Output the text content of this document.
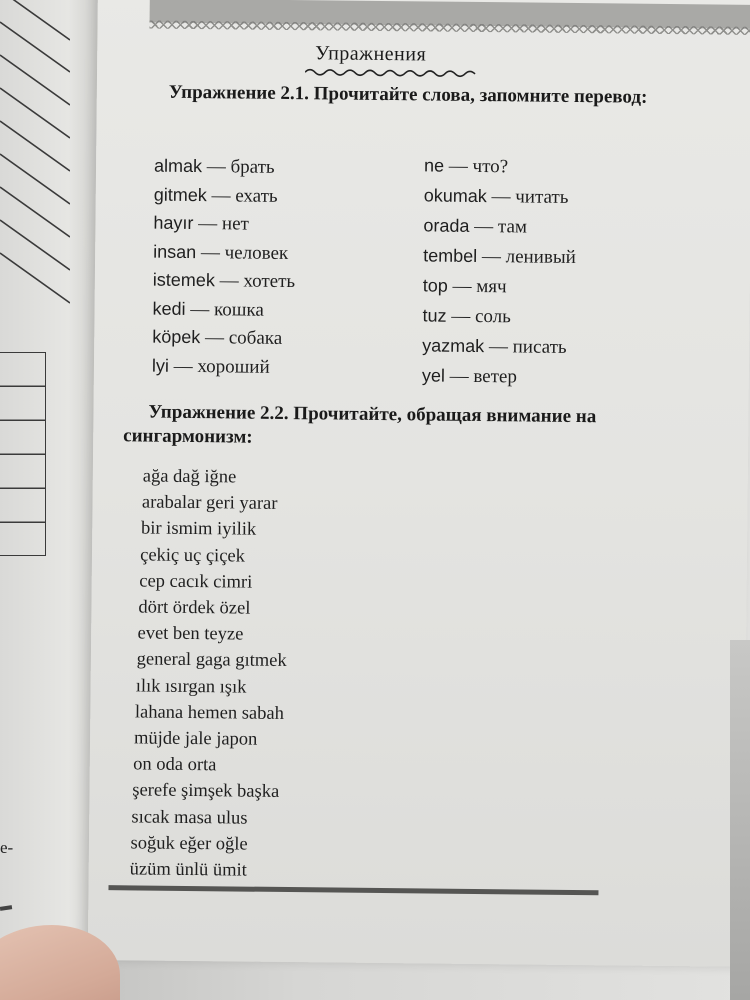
е-
Упражнения
Упражнение 2.1. Прочитайте слова, запомните перевод:
almak — брать
gitmek — ехать
hayır — нет
insan — человек
istemek — хотеть
kedi — кошка
köpek — собака
lyi — хороший
ne — что?
okumak — читать
orada — там
tembel — ленивый
top — мяч
tuz — соль
yazmak — писать
yel — ветер
Упражнение 2.2. Прочитайте, обращая внимание на сингармонизм:
ağa dağ iğne
arabalar geri yarar
bir ismim iyilik
çekiç uç çiçek
cep cacık cimri
dört ördek özel
evet ben teyze
general gaga gıtmek
ılık ısırgan ışık
lahana hemen sabah
müjde jale japon
on oda orta
şerefe şimşek başka
sıcak masa ulus
soğuk eğer oğle
üzüm ünlü ümit
